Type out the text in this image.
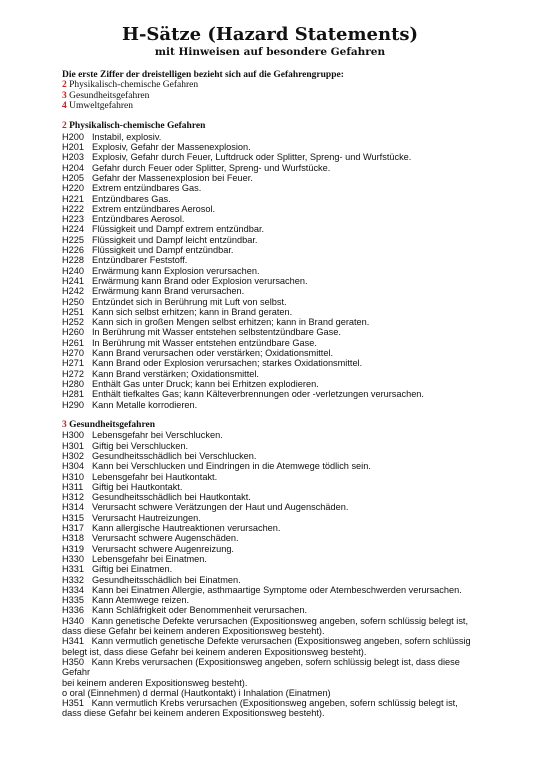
H-Sätze (Hazard Statements)
mit Hinweisen auf besondere Gefahren
Die erste Ziffer der dreistelligen bezieht sich auf die Gefahrengruppe:
2 Physikalisch-chemische Gefahren
3 Gesundheitsgefahren
4 Umweltgefahren
2 Physikalisch-chemische Gefahren
H200 Instabil, explosiv.
H201 Explosiv, Gefahr der Massenexplosion.
H203 Explosiv, Gefahr durch Feuer, Luftdruck oder Splitter, Spreng- und Wurfstücke.
H204 Gefahr durch Feuer oder Splitter, Spreng- und Wurfstücke.
H205 Gefahr der Massenexplosion bei Feuer.
H220 Extrem entzündbares Gas.
H221 Entzündbares Gas.
H222 Extrem entzündbares Aerosol.
H223 Entzündbares Aerosol.
H224 Flüssigkeit und Dampf extrem entzündbar.
H225 Flüssigkeit und Dampf leicht entzündbar.
H226 Flüssigkeit und Dampf entzündbar.
H228 Entzündbarer Feststoff.
H240 Erwärmung kann Explosion verursachen.
H241 Erwärmung kann Brand oder Explosion verursachen.
H242 Erwärmung kann Brand verursachen.
H250 Entzündet sich in Berührung mit Luft von selbst.
H251 Kann sich selbst erhitzen; kann in Brand geraten.
H252 Kann sich in großen Mengen selbst erhitzen; kann in Brand geraten.
H260 In Berührung mit Wasser entstehen selbstentzündbare Gase.
H261 In Berührung mit Wasser entstehen entzündbare Gase.
H270 Kann Brand verursachen oder verstärken; Oxidationsmittel.
H271 Kann Brand oder Explosion verursachen; starkes Oxidationsmittel.
H272 Kann Brand verstärken; Oxidationsmittel.
H280 Enthält Gas unter Druck; kann bei Erhitzen explodieren.
H281 Enthält tiefkaltes Gas; kann Kälteverbrennungen oder -verletzungen verursachen.
H290 Kann Metalle korrodieren.
3 Gesundheitsgefahren
H300 Lebensgefahr bei Verschlucken.
H301 Giftig bei Verschlucken.
H302 Gesundheitsschädlich bei Verschlucken.
H304 Kann bei Verschlucken und Eindringen in die Atemwege tödlich sein.
H310 Lebensgefahr bei Hautkontakt.
H311 Giftig bei Hautkontakt.
H312 Gesundheitsschädlich bei Hautkontakt.
H314 Verursacht schwere Verätzungen der Haut und Augenschäden.
H315 Verursacht Hautreizungen.
H317 Kann allergische Hautreaktionen verursachen.
H318 Verursacht schwere Augenschäden.
H319 Verursacht schwere Augenreizung.
H330 Lebensgefahr bei Einatmen.
H331 Giftig bei Einatmen.
H332 Gesundheitsschädlich bei Einatmen.
H334 Kann bei Einatmen Allergie, asthmaartige Symptome oder Atembeschwerden verursachen.
H335 Kann Atemwege reizen.
H336 Kann Schläfrigkeit oder Benommenheit verursachen.
H340   Kann genetische Defekte verursachen (Expositionsweg angeben, sofern schlüssig belegt ist,
dass diese Gefahr bei keinem anderen Expositionsweg besteht).
H341   Kann vermutlich genetische Defekte verursachen (Expositionsweg angeben, sofern schlüssig
belegt ist, dass diese Gefahr bei keinem anderen Expositionsweg besteht).
H350   Kann Krebs verursachen (Expositionsweg angeben, sofern schlüssig belegt ist, dass diese
Gefahr
bei keinem anderen Expositionsweg besteht).
o oral (Einnehmen) d dermal (Hautkontakt) i Inhalation (Einatmen)
H351   Kann vermutlich Krebs verursachen (Expositionsweg angeben, sofern schlüssig belegt ist,
dass diese Gefahr bei keinem anderen Expositionsweg besteht).
